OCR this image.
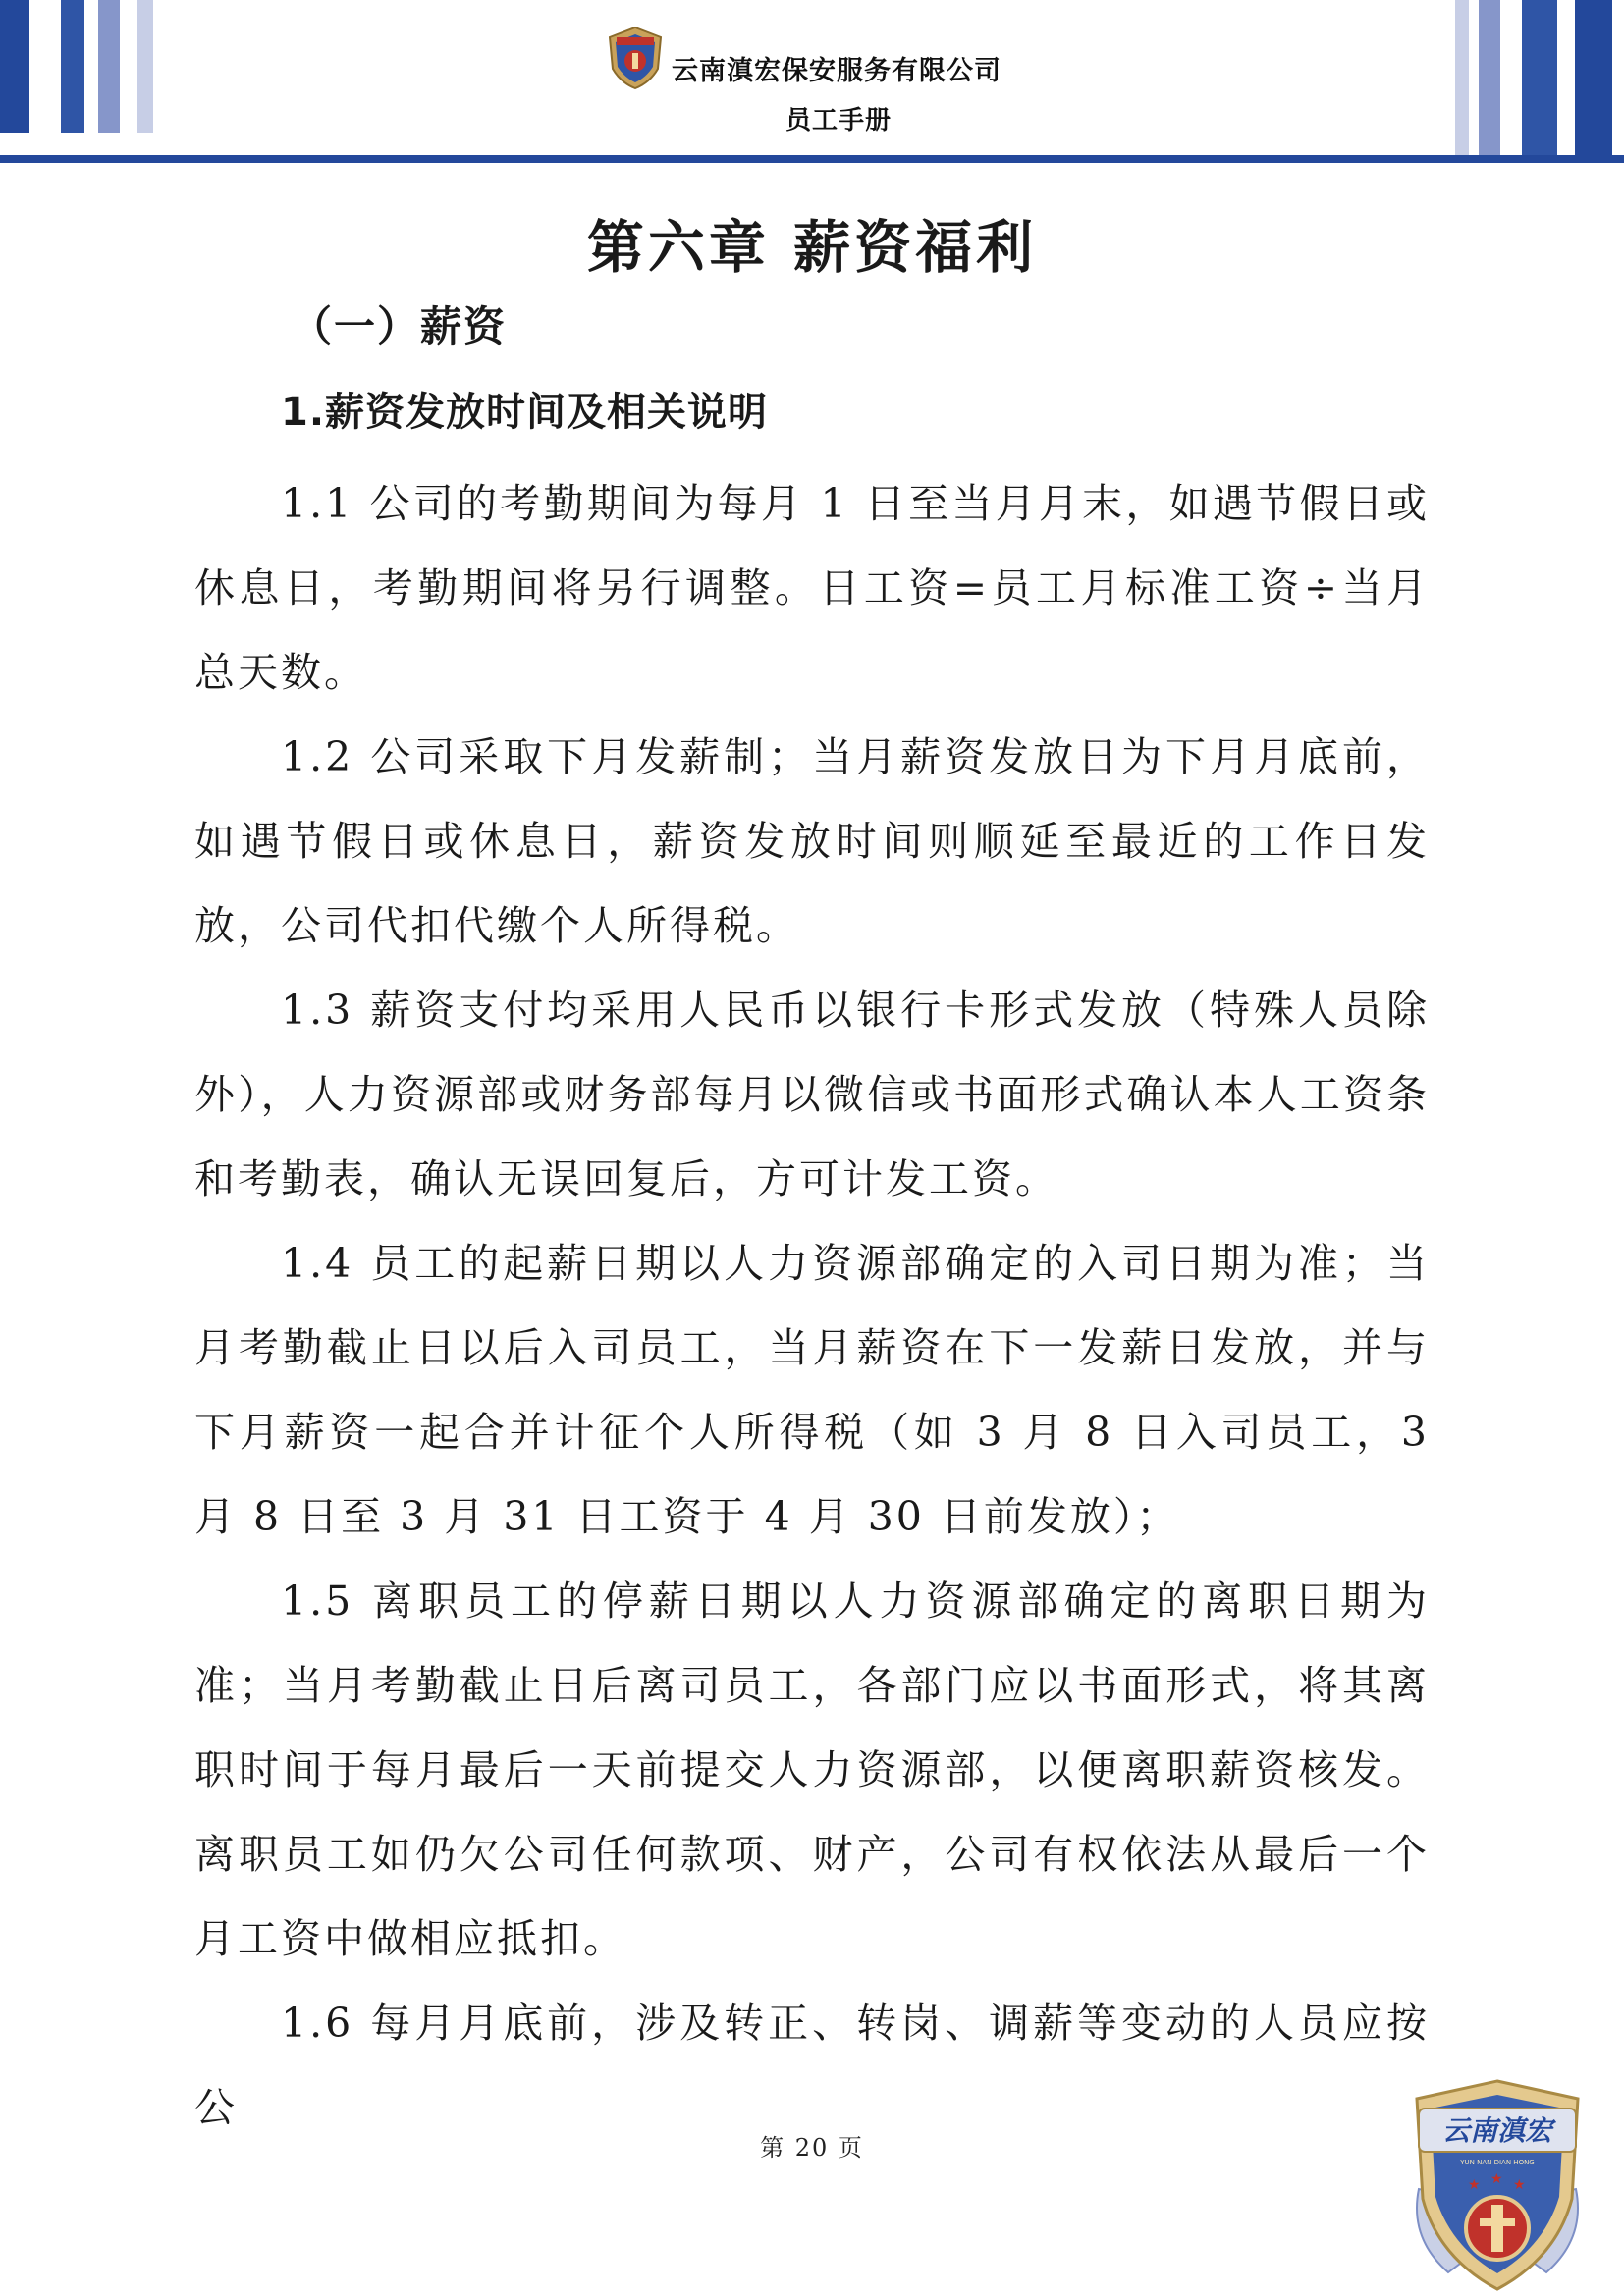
云南滇宏保安服务有限公司
员工手册
第六章 薪资福利
（一）薪资
1.薪资发放时间及相关说明

1.1 公司的考勤期间为每月 1 日至当月月末，如遇节假日或休息日，考勤期间将另行调整。日工资=员工月标准工资÷当月总天数。

1.2 公司采取下月发薪制；当月薪资发放日为下月月底前，如遇节假日或休息日，薪资发放时间则顺延至最近的工作日发放，公司代扣代缴个人所得税。

1.3 薪资支付均采用人民币以银行卡形式发放（特殊人员除外），人力资源部或财务部每月以微信或书面形式确认本人工资条和考勤表，确认无误回复后，方可计发工资。

1.4 员工的起薪日期以人力资源部确定的入司日期为准；当月考勤截止日以后入司员工，当月薪资在下一发薪日发放，并与下月薪资一起合并计征个人所得税（如 3 月 8 日入司员工，3 月 8 日至 3 月 31 日工资于 4 月 30 日前发放）；

1.5 离职员工的停薪日期以人力资源部确定的离职日期为准；当月考勤截止日后离司员工，各部门应以书面形式，将其离职时间于每月最后一天前提交人力资源部，以便离职薪资核发。离职员工如仍欠公司任何款项、财产，公司有权依法从最后一个月工资中做相应抵扣。

1.6 每月月底前，涉及转正、转岗、调薪等变动的人员应按公

第 20 页
云南滇宏
YUN NAN DIAN HONG
★ ★ ★
